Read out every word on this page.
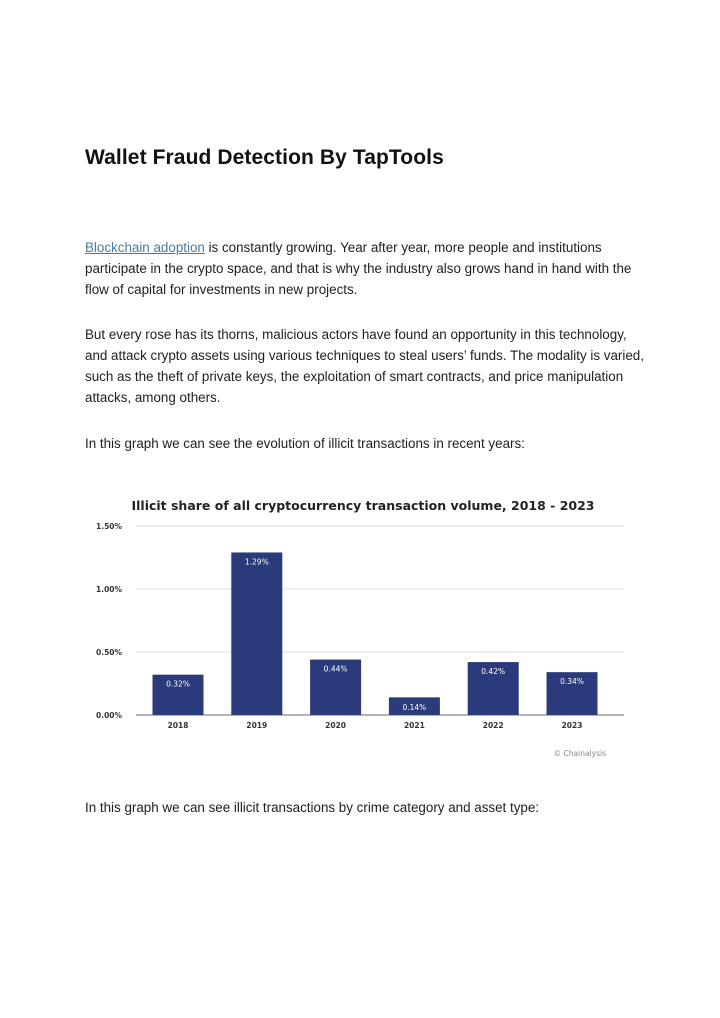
Wallet Fraud Detection By TapTools
Blockchain adoption is constantly growing. Year after year, more people and institutions participate in the crypto space, and that is why the industry also grows hand in hand with the flow of capital for investments in new projects.
But every rose has its thorns, malicious actors have found an opportunity in this technology, and attack crypto assets using various techniques to steal users’ funds. The modality is varied, such as the theft of private keys, the exploitation of smart contracts, and price manipulation attacks, among others.
In this graph we can see the evolution of illicit transactions in recent years:
Illicit share of all cryptocurrency transaction volume, 2018 - 2023
0.00%
0.50%
1.00%
1.50%
0.32%
2018
1.29%
2019
0.44%
2020
0.14%
2021
0.42%
2022
0.34%
2023
© Chainalysis
In this graph we can see illicit transactions by crime category and asset type:
